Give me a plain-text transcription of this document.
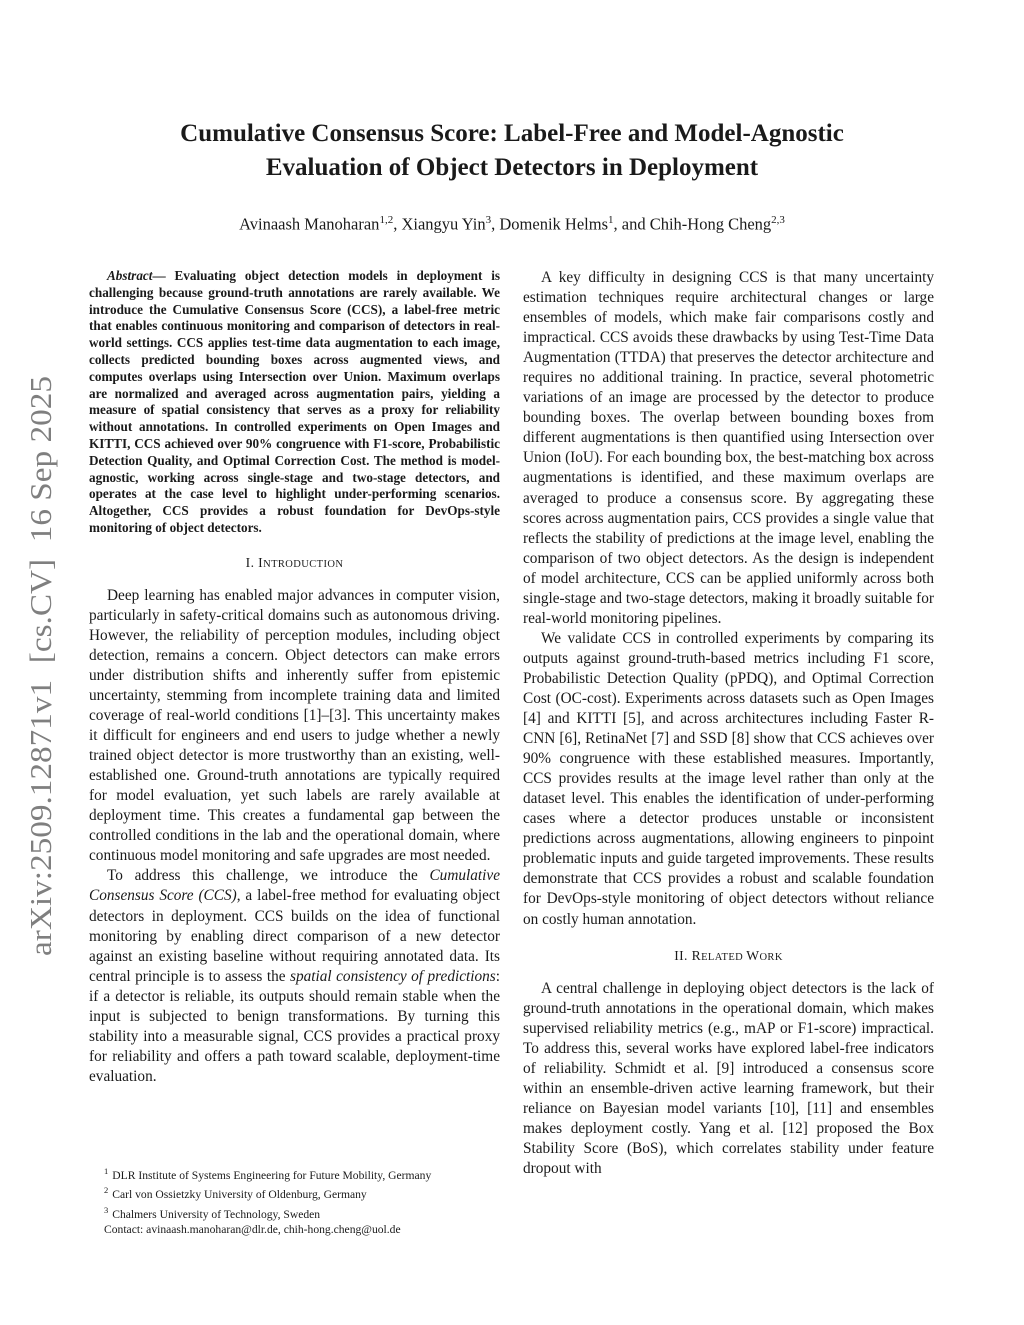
arXiv:2509.12871v1  [cs.CV]  16 Sep 2025
Cumulative Consensus Score: Label-Free and Model-Agnostic
Evaluation of Object Detectors in Deployment
Avinaash Manoharan$^{1,2}$, Xiangyu Yin$^3$, Domenik Helms$^1$, and Chih-Hong Cheng$^{2,3}$

Abstract— Evaluating object detection models in deployment is challenging because ground-truth annotations are rarely available. We introduce the Cumulative Consensus Score (CCS), a label-free metric that enables continuous monitoring and comparison of detectors in real-world settings. CCS applies test-time data augmentation to each image, collects predicted bounding boxes across augmented views, and computes overlaps using Intersection over Union. Maximum overlaps are normalized and averaged across augmentation pairs, yielding a measure of spatial consistency that serves as a proxy for reliability without annotations. In controlled experiments on Open Images and KITTI, CCS achieved over 90% congruence with F1-score, Probabilistic Detection Quality, and Optimal Correction Cost. The method is model-agnostic, working across single-stage and two-stage detectors, and operates at the case level to highlight under-performing scenarios. Altogether, CCS provides a robust foundation for DevOps-style monitoring of object detectors.

I. INTRODUCTION

Deep learning has enabled major advances in computer vision, particularly in safety-critical domains such as autonomous driving. However, the reliability of perception modules, including object detection, remains a concern. Object detectors can make errors under distribution shifts and inherently suffer from epistemic uncertainty, stemming from incomplete training data and limited coverage of real-world conditions [1]–[3]. This uncertainty makes it difficult for engineers and end users to judge whether a newly trained object detector is more trustworthy than an existing, well-established one. Ground-truth annotations are typically required for model evaluation, yet such labels are rarely available at deployment time. This creates a fundamental gap between the controlled conditions in the lab and the operational domain, where continuous model monitoring and safe upgrades are most needed.

To address this challenge, we introduce the Cumulative Consensus Score (CCS), a label-free method for evaluating object detectors in deployment. CCS builds on the idea of functional monitoring by enabling direct comparison of a new detector against an existing baseline without requiring annotated data. Its central principle is to assess the spatial consistency of predictions: if a detector is reliable, its outputs should remain stable when the input is subjected to benign transformations. By turning this stability into a measurable signal, CCS provides a practical proxy for reliability and offers a path toward scalable, deployment-time evaluation.

$^1$ DLR Institute of Systems Engineering for Future Mobility, Germany
$^2$ Carl von Ossietzky University of Oldenburg, Germany
$^3$ Chalmers University of Technology, Sweden
Contact: avinaash.manoharan@dlr.de, chih-hong.cheng@uol.de

A key difficulty in designing CCS is that many uncertainty estimation techniques require architectural changes or large ensembles of models, which make fair comparisons costly and impractical. CCS avoids these drawbacks by using Test-Time Data Augmentation (TTDA) that preserves the detector architecture and requires no additional training. In practice, several photometric variations of an image are processed by the detector to produce bounding boxes. The overlap between bounding boxes from different augmentations is then quantified using Intersection over Union (IoU). For each bounding box, the best-matching box across augmentations is identified, and these maximum overlaps are averaged to produce a consensus score. By aggregating these scores across augmentation pairs, CCS provides a single value that reflects the stability of predictions at the image level, enabling the comparison of two object detectors. As the design is independent of model architecture, CCS can be applied uniformly across both single-stage and two-stage detectors, making it broadly suitable for real-world monitoring pipelines.

We validate CCS in controlled experiments by comparing its outputs against ground-truth-based metrics including F1 score, Probabilistic Detection Quality (pPDQ), and Optimal Correction Cost (OC-cost). Experiments across datasets such as Open Images [4] and KITTI [5], and across architectures including Faster R-CNN [6], RetinaNet [7] and SSD [8] show that CCS achieves over 90% congruence with these established measures. Importantly, CCS provides results at the image level rather than only at the dataset level. This enables the identification of under-performing cases where a detector produces unstable or inconsistent predictions across augmentations, allowing engineers to pinpoint problematic inputs and guide targeted improvements. These results demonstrate that CCS provides a robust and scalable foundation for DevOps-style monitoring of object detectors without reliance on costly human annotation.

II. RELATED WORK

A central challenge in deploying object detectors is the lack of ground-truth annotations in the operational domain, which makes supervised reliability metrics (e.g., mAP or F1-score) impractical. To address this, several works have explored label-free indicators of reliability. Schmidt et al. [9] introduced a consensus score within an ensemble-driven active learning framework, but their reliance on Bayesian model variants [10], [11] and ensembles makes deployment costly. Yang et al. [12] proposed the Box Stability Score (BoS), which correlates stability under feature dropout with
